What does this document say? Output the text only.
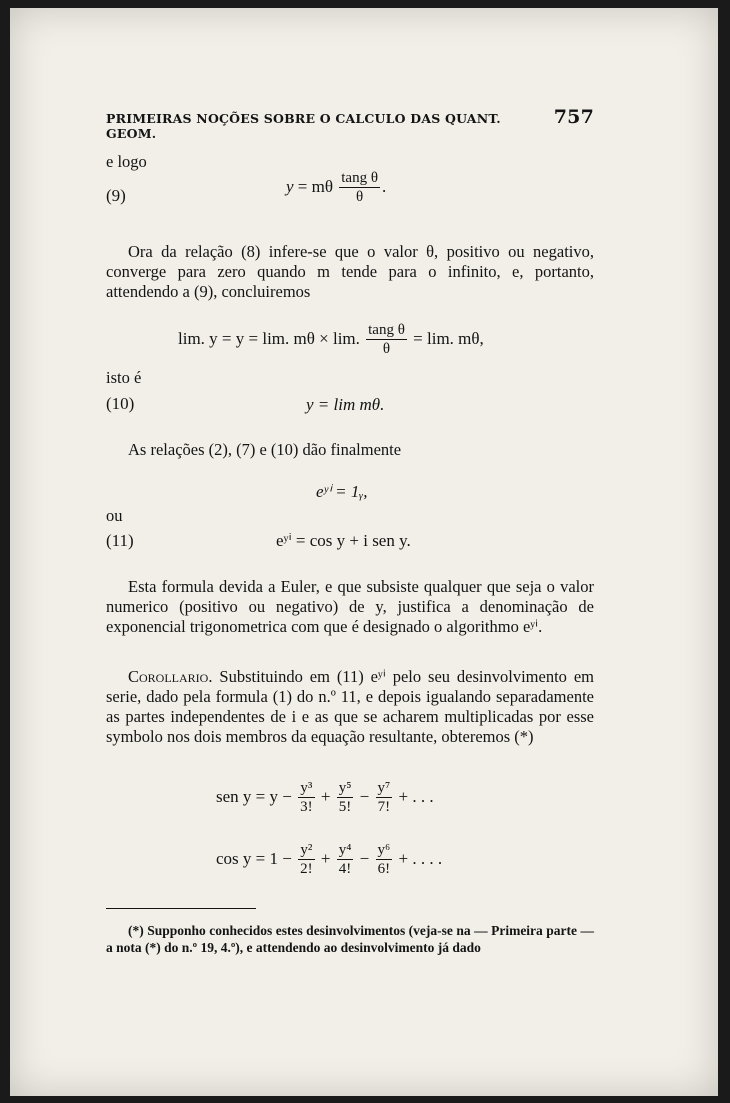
PRIMEIRAS NOÇÕES SOBRE O CALCULO DAS QUANT. GEOM.
757
e logo
(9)	y = mθ $\frac{\text{tang θ}}{\theta}$ .
Ora da relação (8) infere-se que o valor θ, positivo ou negativo, converge para zero quando m tende para o infinito, e, portanto, attendendo a (9), concluiremos
lim. y = y = lim. mθ × lim. $\frac{\text{tang θ}}{\theta} = \lim$. mθ,
isto é
(10)	y = lim mθ.
As relações (2), (7) e (10) dão finalmente
eʸⁱ = 1ᵧ,
ou
(11)	eʸⁱ = cos y + i sen y.
Esta formula devida a Euler, e que subsiste qualquer que seja o valor numerico (positivo ou negativo) de y, justifica a denominação de exponencial trigonometrica com que é designado o algorithmo eʸⁱ.
Corollario. Substituindo em (11) eʸⁱ pelo seu desinvolvimento em serie, dado pela formula (1) do n.º 11, e depois igualando separadamente as partes independentes de i e as que se acharem multiplicadas por esse symbolo nos dois membros da equação resultante, obteremos (*)
sen $y = y - \frac{\text{y³}}{3!} + \frac{\text{y⁵}}{5!} - \frac{\text{y⁷}}{7!}$ + . . .
$\cos y = 1 - \frac{\text{y²}}{2!} + \frac{\text{y⁴}}{4!} - \frac{\text{y⁶}}{6!}$ + . . . .
(*) Supponho conhecidos estes desinvolvimentos (veja-se na — Primeira parte — a nota (*) do n.º 19, 4.º), e attendendo ao desinvolvimento já dado
